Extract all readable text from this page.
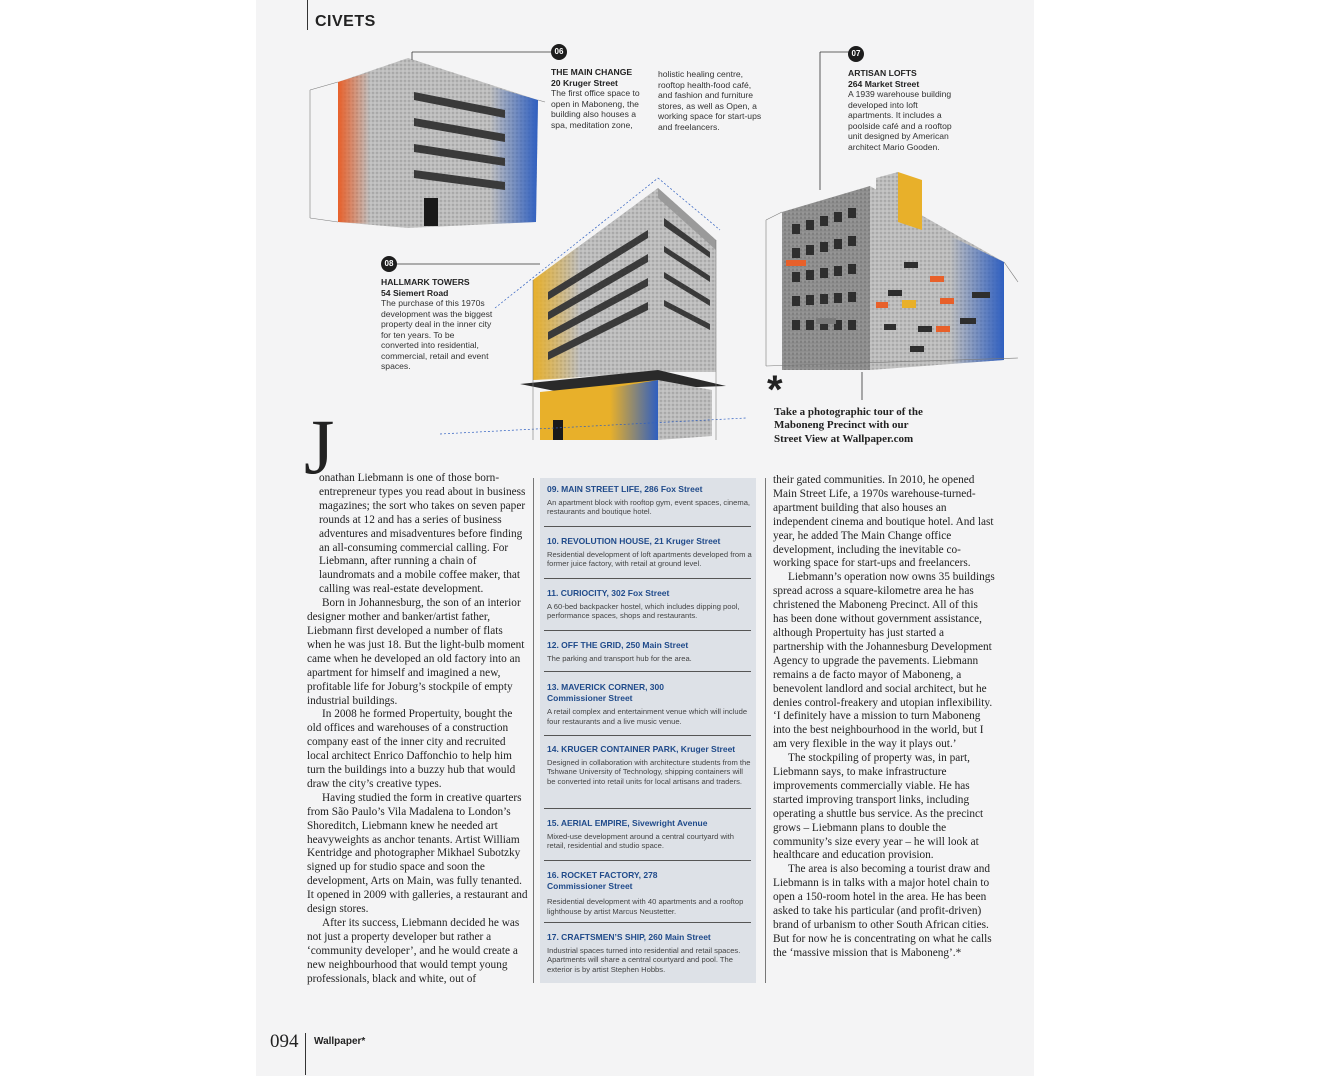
CIVETS
06
THE MAIN CHANGE
20 Kruger Street
The first office space to open in Maboneng, the building also houses a spa, meditation zone,
holistic healing centre, rooftop health-food café, and fashion and furniture stores, as well as Open, a working space for start-ups and freelancers.
07
ARTISAN LOFTS
264 Market Street
A 1939 warehouse building developed into loft apartments. It includes a poolside café and a rooftop unit designed by American architect Mario Gooden.
08
HALLMARK TOWERS
54 Siemert Road
The purchase of this 1970s development was the biggest property deal in the inner city for ten years. To be converted into residential, commercial, retail and event spaces.
*
Take a photographic tour of the Maboneng Precinct with our Street View at Wallpaper.com
J

onathan Liebmann is one of those born-entrepreneur types you read about in business magazines; the sort who takes on seven paper rounds at 12 and has a series of business adventures and misadventures before finding an all-consuming commercial calling. For Liebmann, after running a chain of laundromats and a mobile coffee maker, that calling was real-estate development.

Born in Johannesburg, the son of an interior designer mother and banker/artist father, Liebmann first developed a number of flats when he was just 18. But the light-bulb moment came when he developed an old factory into an apartment for himself and imagined a new, profitable life for Joburg’s stockpile of empty industrial buildings.

In 2008 he formed Propertuity, bought the old offices and warehouses of a construction company east of the inner city and recruited local architect Enrico Daffonchio to help him turn the buildings into a buzzy hub that would draw the city’s creative types.

Having studied the form in creative quarters from São Paulo’s Vila Madalena to London’s Shoreditch, Liebmann knew he needed art heavyweights as anchor tenants. Artist William Kentridge and photographer Mikhael Subotzky signed up for studio space and soon the development, Arts on Main, was fully tenanted. It opened in 2009 with galleries, a restaurant and design stores.

After its success, Liebmann decided he was not just a property developer but rather a ‘community developer’, and he would create a new neighbourhood that would tempt young professionals, black and white, out of

their gated communities. In 2010, he opened Main Street Life, a 1970s warehouse-turned-apartment building that also houses an independent cinema and boutique hotel. And last year, he added The Main Change office development, including the inevitable co-working space for start-ups and freelancers.

Liebmann’s operation now owns 35 buildings spread across a square-kilometre area he has christened the Maboneng Precinct. All of this has been done without government assistance, although Propertuity has just started a partnership with the Johannesburg Development Agency to upgrade the pavements. Liebmann remains a de facto mayor of Maboneng, a benevolent landlord and social architect, but he denies control-freakery and utopian inflexibility. ‘I definitely have a mission to turn Maboneng into the best neighbourhood in the world, but I am very flexible in the way it plays out.’

The stockpiling of property was, in part, Liebmann says, to make infrastructure improvements commercially viable. He has started improving transport links, including operating a shuttle bus service. As the precinct grows – Liebmann plans to double the community’s size every year – he will look at healthcare and education provision.

The area is also becoming a tourist draw and Liebmann is in talks with a major hotel chain to open a 150-room hotel in the area. He has been asked to take his particular (and profit-driven) brand of urbanism to other South African cities. But for now he is concentrating on what he calls the ‘massive mission that is Maboneng’.*

09. MAIN STREET LIFE, 286 Fox Street
An apartment block with rooftop gym, event spaces, cinema, restaurants and boutique hotel.
10. REVOLUTION HOUSE, 21 Kruger Street
Residential development of loft apartments developed from a former juice factory, with retail at ground level.
11. CURIOCITY, 302 Fox Street
A 60-bed backpacker hostel, which includes dipping pool, performance spaces, shops and restaurants.
12. OFF THE GRID, 250 Main Street
The parking and transport hub for the area.
13. MAVERICK CORNER, 300 Commissioner Street
A retail complex and entertainment venue which will include four restaurants and a live music venue.
14. KRUGER CONTAINER PARK, Kruger Street
Designed in collaboration with architecture students from the Tshwane University of Technology, shipping containers will be converted into retail units for local artisans and traders.
15. AERIAL EMPIRE, Sivewright Avenue
Mixed-use development around a central courtyard with retail, residential and studio space.
16. ROCKET FACTORY, 278 Commissioner Street
Residential development with 40 apartments and a rooftop lighthouse by artist Marcus Neustetter.
17. CRAFTSMEN’S SHIP, 260 Main Street
Industrial spaces turned into residential and retail spaces. Apartments will share a central courtyard and pool. The exterior is by artist Stephen Hobbs.
094 Wallpaper*
